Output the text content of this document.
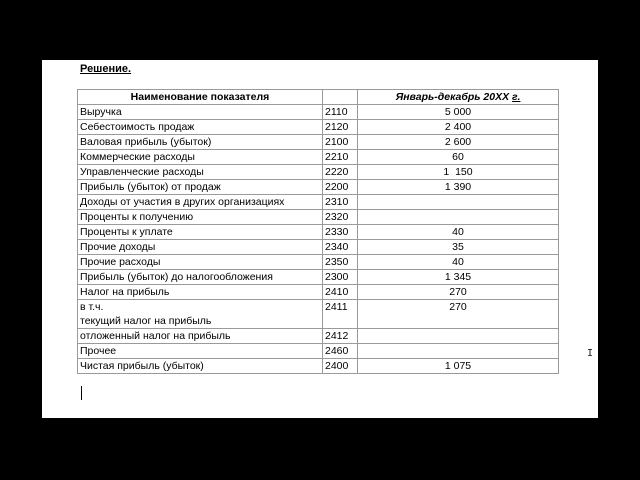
Решение.
Наименование показателя		Январь-декабрь 20ХХ г.
Выручка	2110	5 000
Себестоимость продаж	2120	2 400
Валовая прибыль (убыток)	2100	2 600
Коммерческие расходы	2210	60
Управленческие расходы	2220	1  150
Прибыль (убыток) от продаж	2200	1 390
Доходы от участия в других организациях	2310	
Проценты к получению	2320	
Проценты к уплате	2330	40
Прочие доходы	2340	35
Прочие расходы	2350	40
Прибыль (убыток) до налогообложения	2300	1 345
Налог на прибыль	2410	270

в т.ч.
текущий налог на прибыль	2411	270
отложенный налог на прибыль	2412	
Прочее	2460	
Чистая прибыль (убыток)	2400	1 075
I
